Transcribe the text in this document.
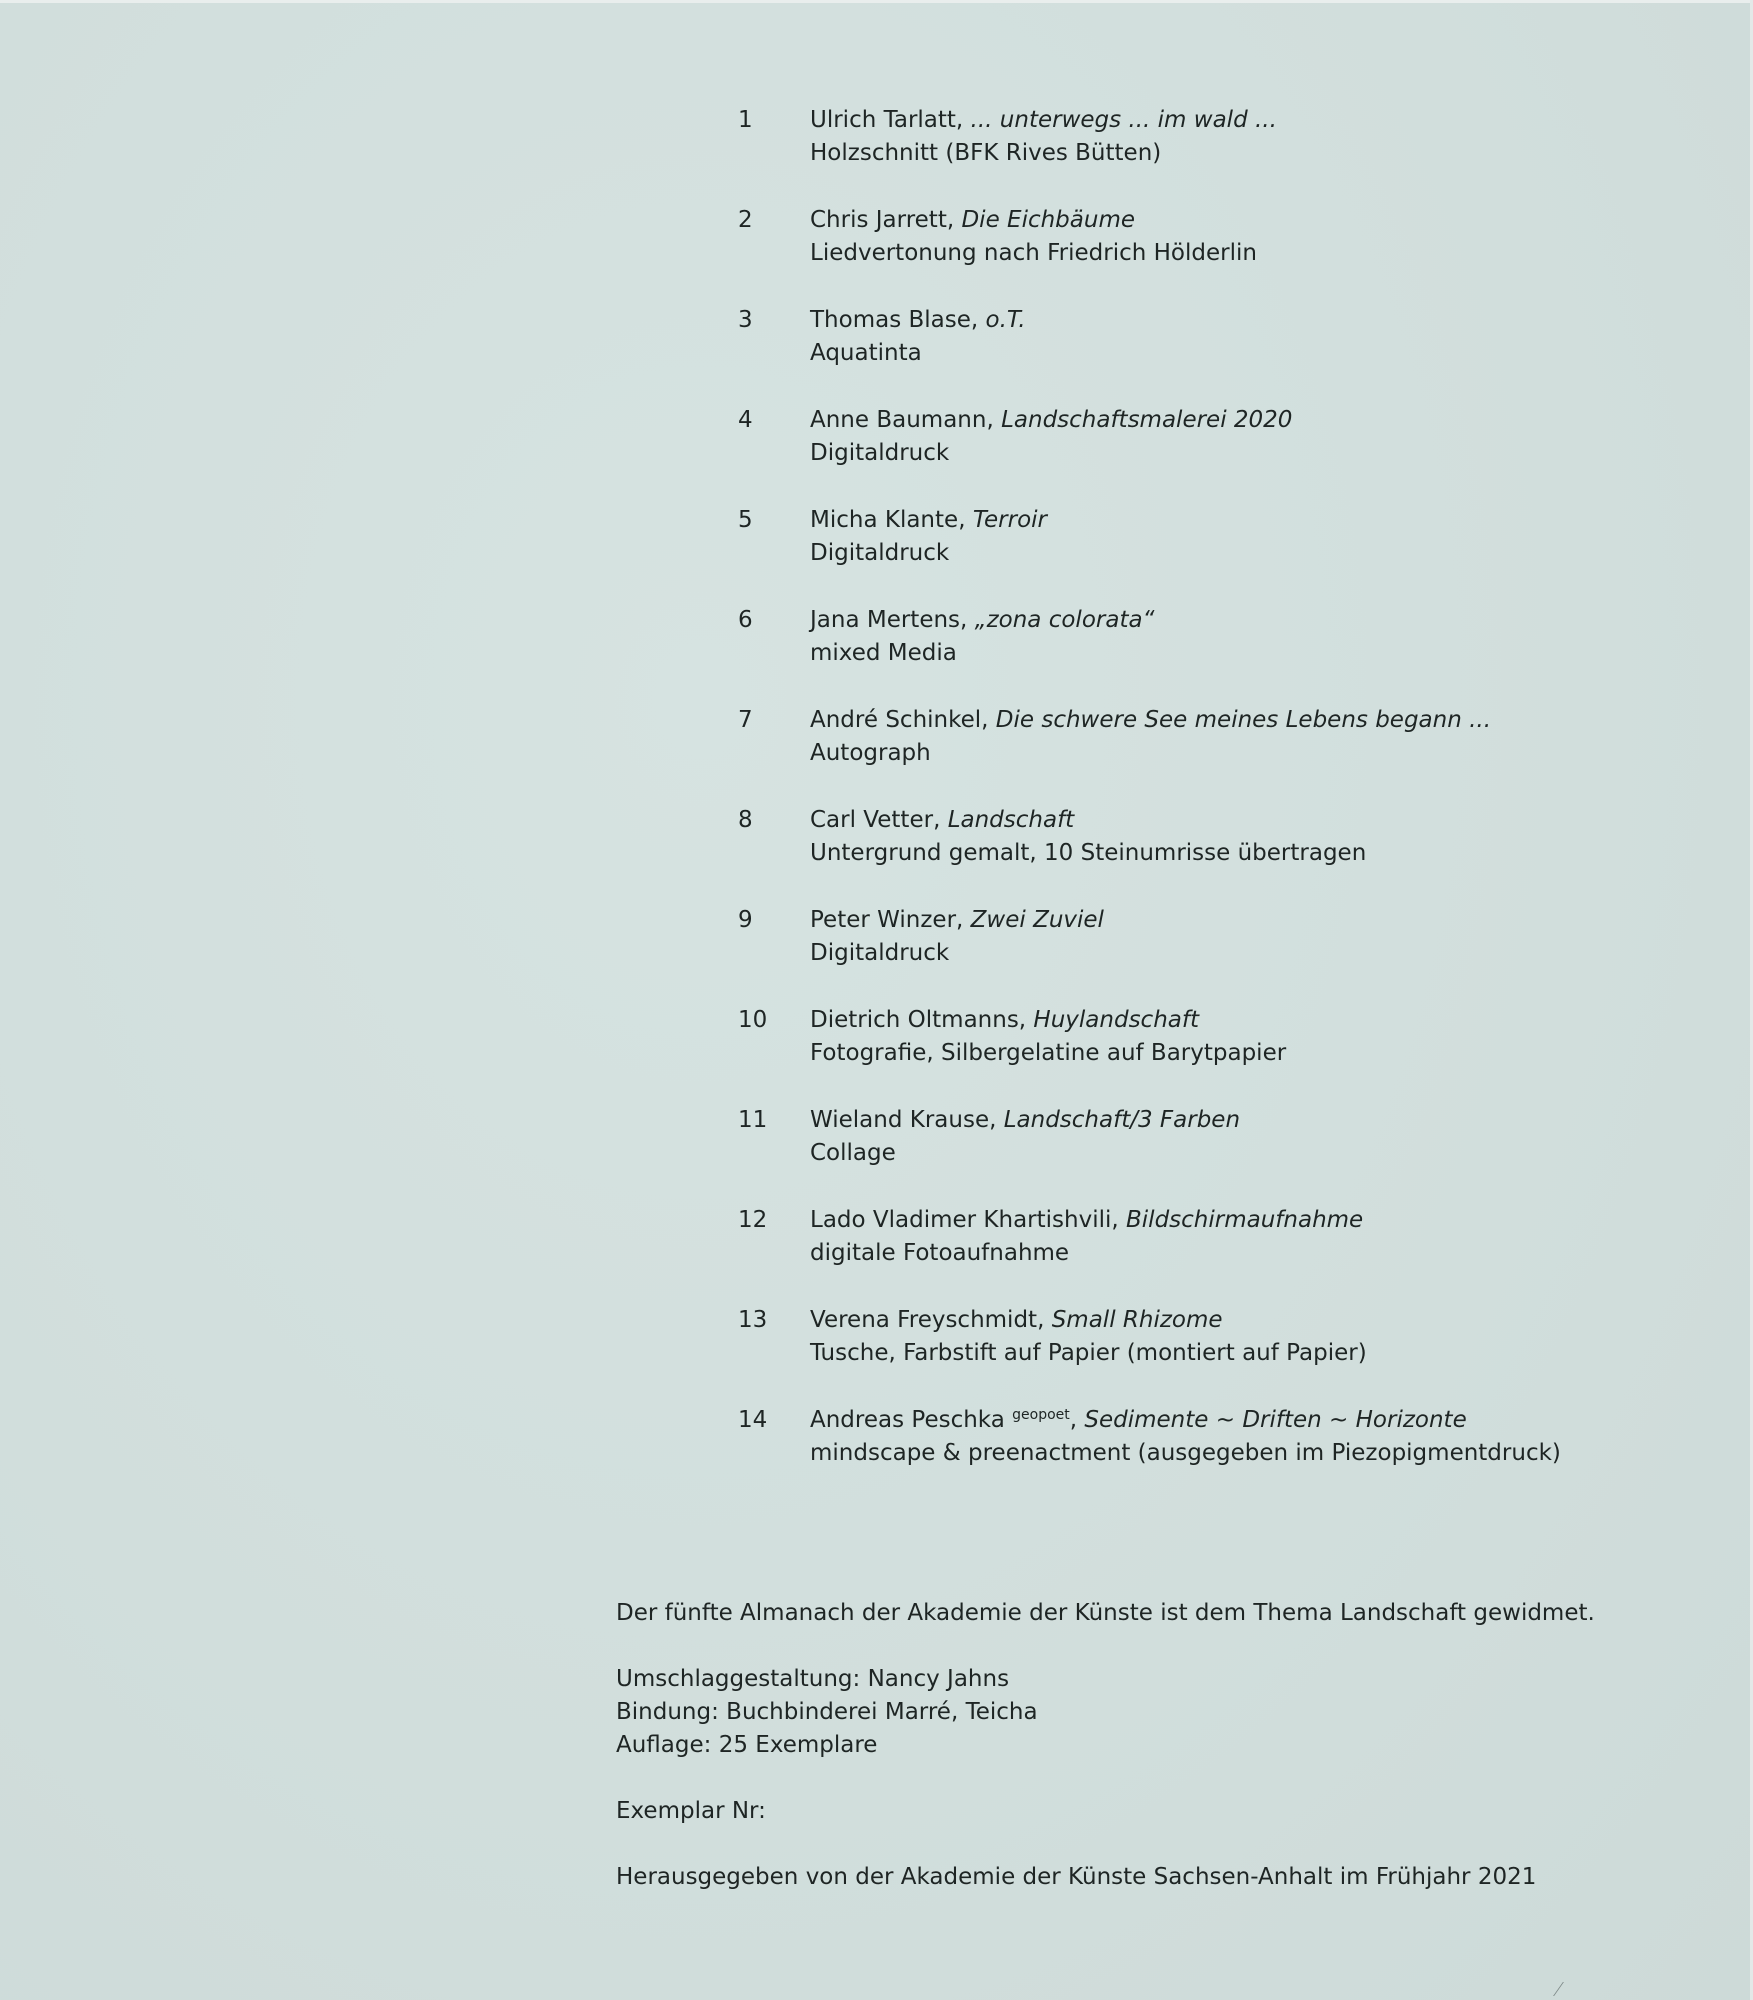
1	Ulrich Tarlatt, ... unterwegs ... im wald ...
Holzschnitt (BFK Rives Bütten)
2	Chris Jarrett, Die Eichbäume
Liedvertonung nach Friedrich Hölderlin
3	Thomas Blase, o.T.
Aquatinta
4	Anne Baumann, Landschaftsmalerei 2020
Digitaldruck
5	Micha Klante, Terroir
Digitaldruck
6	Jana Mertens, „zona colorata“
mixed Media
7	André Schinkel, Die schwere See meines Lebens begann ...
Autograph
8	Carl Vetter, Landschaft
Untergrund gemalt, 10 Steinumrisse übertragen
9	Peter Winzer, Zwei Zuviel
Digitaldruck
10	Dietrich Oltmanns, Huylandschaft
Fotografie, Silbergelatine auf Barytpapier
11	Wieland Krause, Landschaft/3 Farben
Collage
12	Lado Vladimer Khartishvili, Bildschirmaufnahme
digitale Fotoaufnahme
13	Verena Freyschmidt, Small Rhizome
Tusche, Farbstift auf Papier (montiert auf Papier)
14	Andreas Peschka $^{geopoet}$, Sedimente ~ Driften ~ Horizonte
mindscape & preenactment (ausgegeben im Piezopigmentdruck)
Der fünfte Almanach der Akademie der Künste ist dem Thema Landschaft gewidmet.
Umschlaggestaltung: Nancy Jahns
Bindung: Buchbinderei Marré, Teicha
Auflage: 25 Exemplare
Exemplar Nr:
Herausgegeben von der Akademie der Künste Sachsen-Anhalt im Frühjahr 2021
